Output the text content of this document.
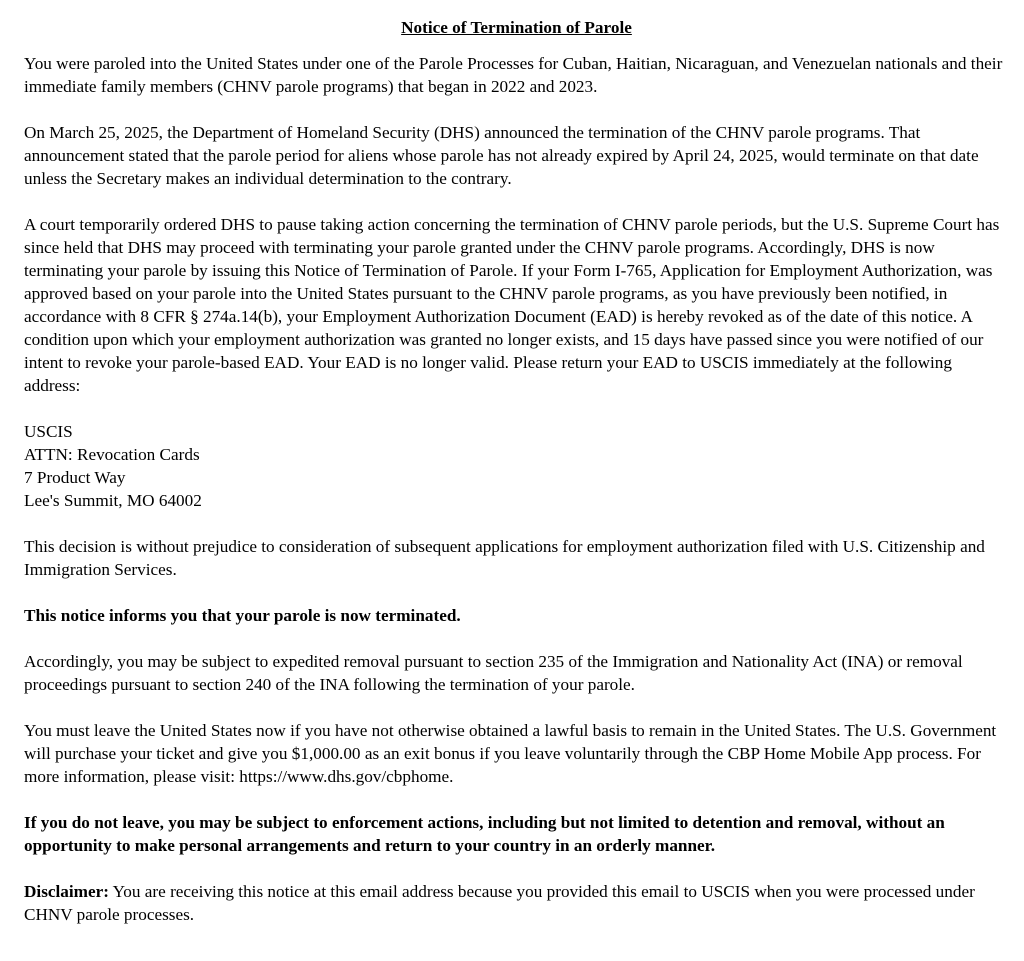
Notice of Termination of Parole

You were paroled into the United States under one of the Parole Processes for Cuban, Haitian, Nicaraguan, and Venezuelan nationals and their immediate family members (CHNV parole programs) that began in 2022 and 2023.

On March 25, 2025, the Department of Homeland Security (DHS) announced the termination of the CHNV parole programs. That announcement stated that the parole period for aliens whose parole has not already expired by April 24, 2025, would terminate on that date unless the Secretary makes an individual determination to the contrary.

A court temporarily ordered DHS to pause taking action concerning the termination of CHNV parole periods, but the U.S. Supreme Court has since held that DHS may proceed with terminating your parole granted under the CHNV parole programs. Accordingly, DHS is now terminating your parole by issuing this Notice of Termination of Parole. If your Form I-765, Application for Employment Authorization, was approved based on your parole into the United States pursuant to the CHNV parole programs, as you have previously been notified, in accordance with 8 CFR § 274a.14(b), your Employment Authorization Document (EAD) is hereby revoked as of the date of this notice. A condition upon which your employment authorization was granted no longer exists, and 15 days have passed since you were notified of our intent to revoke your parole-based EAD. Your EAD is no longer valid. Please return your EAD to USCIS immediately at the following address:

USCIS
ATTN: Revocation Cards
7 Product Way
Lee's Summit, MO 64002

This decision is without prejudice to consideration of subsequent applications for employment authorization filed with U.S. Citizenship and Immigration Services.

This notice informs you that your parole is now terminated.

Accordingly, you may be subject to expedited removal pursuant to section 235 of the Immigration and Nationality Act (INA) or removal proceedings pursuant to section 240 of the INA following the termination of your parole.

You must leave the United States now if you have not otherwise obtained a lawful basis to remain in the United States. The U.S. Government will purchase your ticket and give you $1,000.00 as an exit bonus if you leave voluntarily through the CBP Home Mobile App process. For more information, please visit: https://www.dhs.gov/cbphome.

If you do not leave, you may be subject to enforcement actions, including but not limited to detention and removal, without an opportunity to make personal arrangements and return to your country in an orderly manner.

Disclaimer: You are receiving this notice at this email address because you provided this email to USCIS when you were processed under CHNV parole processes.
